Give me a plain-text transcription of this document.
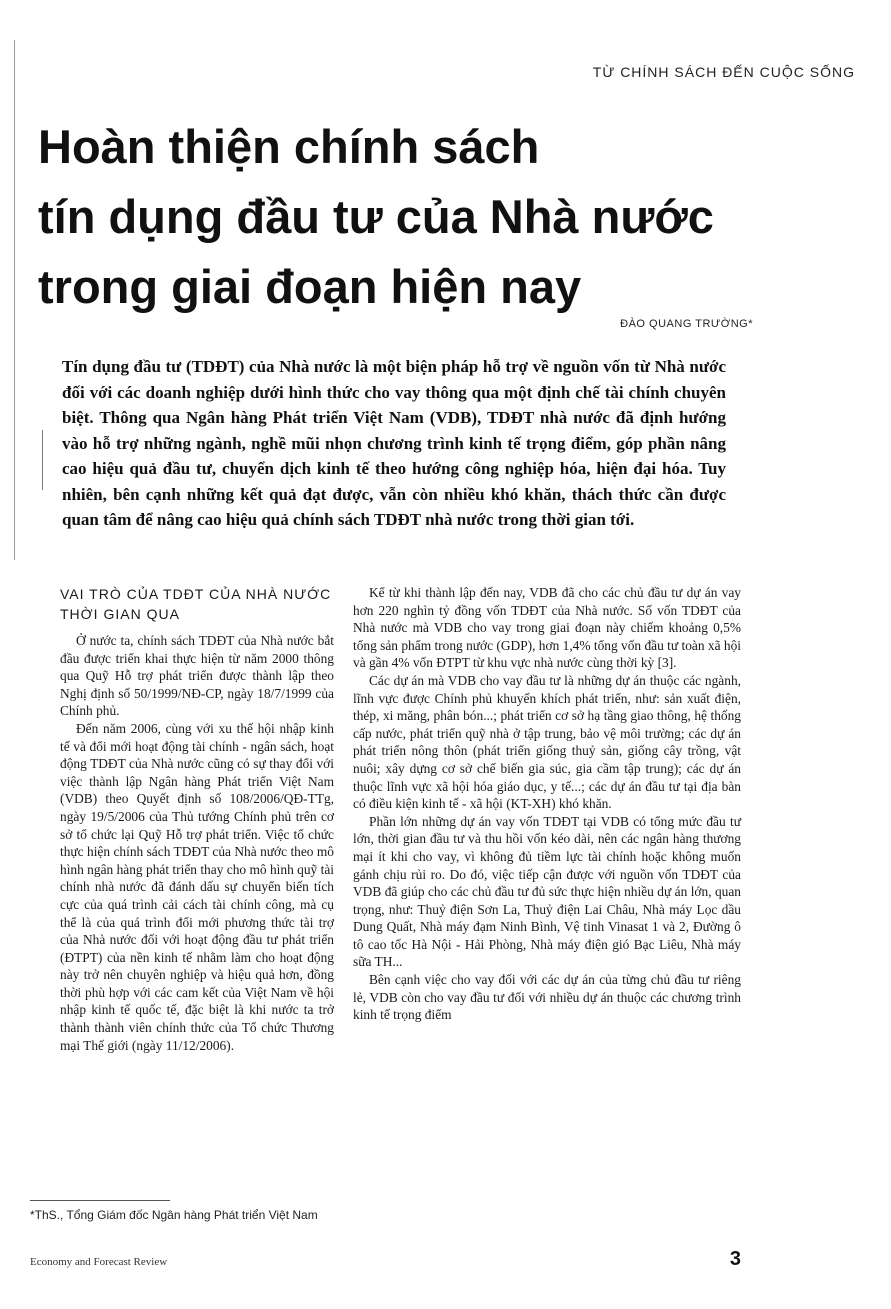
TỪ CHÍNH SÁCH ĐẾN CUỘC SỐNG
Hoàn thiện chính sách
tín dụng đầu tư của Nhà nước
trong giai đoạn hiện nay
ĐÀO QUANG TRƯỜNG*

Tín dụng đầu tư (TDĐT) của Nhà nước là một biện pháp hỗ trợ về nguồn vốn từ Nhà nước đối với các doanh nghiệp dưới hình thức cho vay thông qua một định chế tài chính chuyên biệt. Thông qua Ngân hàng Phát triển Việt Nam (VDB), TDĐT nhà nước đã định hướng vào hỗ trợ những ngành, nghề mũi nhọn chương trình kinh tế trọng điểm, góp phần nâng cao hiệu quả đầu tư, chuyển dịch kinh tế theo hướng công nghiệp hóa, hiện đại hóa. Tuy nhiên, bên cạnh những kết quả đạt được, vẫn còn nhiều khó khăn, thách thức cần được quan tâm để nâng cao hiệu quả chính sách TDĐT nhà nước trong thời gian tới.

VAI TRÒ CỦA TDĐT CỦA NHÀ NƯỚC THỜI GIAN QUA

Ở nước ta, chính sách TDĐT của Nhà nước bắt đầu được triển khai thực hiện từ năm 2000 thông qua Quỹ Hỗ trợ phát triển được thành lập theo Nghị định số 50/1999/NĐ-CP, ngày 18/7/1999 của Chính phủ.

Đến năm 2006, cùng với xu thế hội nhập kinh tế và đổi mới hoạt động tài chính - ngân sách, hoạt động TDĐT của Nhà nước cũng có sự thay đổi với việc thành lập Ngân hàng Phát triển Việt Nam (VDB) theo Quyết định số 108/2006/QĐ-TTg, ngày 19/5/2006 của Thủ tướng Chính phủ trên cơ sở tổ chức lại Quỹ Hỗ trợ phát triển. Việc tổ chức thực hiện chính sách TDĐT của Nhà nước theo mô hình ngân hàng phát triển thay cho mô hình quỹ tài chính nhà nước đã đánh dấu sự chuyển biến tích cực của quá trình cải cách tài chính công, mà cụ thể là của quá trình đổi mới phương thức tài trợ của Nhà nước đối với hoạt động đầu tư phát triển (ĐTPT) của nền kinh tế nhằm làm cho hoạt động này trở nên chuyên nghiệp và hiệu quả hơn, đồng thời phù hợp với các cam kết của Việt Nam về hội nhập kinh tế quốc tế, đặc biệt là khi nước ta trở thành thành viên chính thức của Tổ chức Thương mại Thế giới (ngày 11/12/2006).

Kể từ khi thành lập đến nay, VDB đã cho các chủ đầu tư dự án vay hơn 220 nghìn tỷ đồng vốn TDĐT của Nhà nước. Số vốn TDĐT của Nhà nước mà VDB cho vay trong giai đoạn này chiếm khoảng 0,5% tổng sản phẩm trong nước (GDP), hơn 1,4% tổng vốn đầu tư toàn xã hội và gần 4% vốn ĐTPT từ khu vực nhà nước cùng thời kỳ [3].

Các dự án mà VDB cho vay đầu tư là những dự án thuộc các ngành, lĩnh vực được Chính phủ khuyến khích phát triển, như: sản xuất điện, thép, xi măng, phân bón...; phát triển cơ sở hạ tầng giao thông, hệ thống cấp nước, phát triển quỹ nhà ở tập trung, bảo vệ môi trường; các dự án phát triển nông thôn (phát triển giống thuỷ sản, giống cây trồng, vật nuôi; xây dựng cơ sở chế biến gia súc, gia cầm tập trung); các dự án thuộc lĩnh vực xã hội hóa giáo dục, y tế...; các dự án đầu tư tại địa bàn có điều kiện kinh tế - xã hội (KT-XH) khó khăn.

Phần lớn những dự án vay vốn TDĐT tại VDB có tổng mức đầu tư lớn, thời gian đầu tư và thu hồi vốn kéo dài, nên các ngân hàng thương mại ít khi cho vay, vì không đủ tiềm lực tài chính hoặc không muốn gánh chịu rủi ro. Do đó, việc tiếp cận được với nguồn vốn TDĐT của VDB đã giúp cho các chủ đầu tư đủ sức thực hiện nhiều dự án lớn, quan trọng, như: Thuỷ điện Sơn La, Thuỷ điện Lai Châu, Nhà máy Lọc dầu Dung Quất, Nhà máy đạm Ninh Bình, Vệ tinh Vinasat 1 và 2, Đường ô tô cao tốc Hà Nội - Hải Phòng, Nhà máy điện gió Bạc Liêu, Nhà máy sữa TH...

Bên cạnh việc cho vay đối với các dự án của từng chủ đầu tư riêng lẻ, VDB còn cho vay đầu tư đối với nhiều dự án thuộc các chương trình kinh tế trọng điểm

*ThS., Tổng Giám đốc Ngân hàng Phát triển Việt Nam
Economy and Forecast Review	3
